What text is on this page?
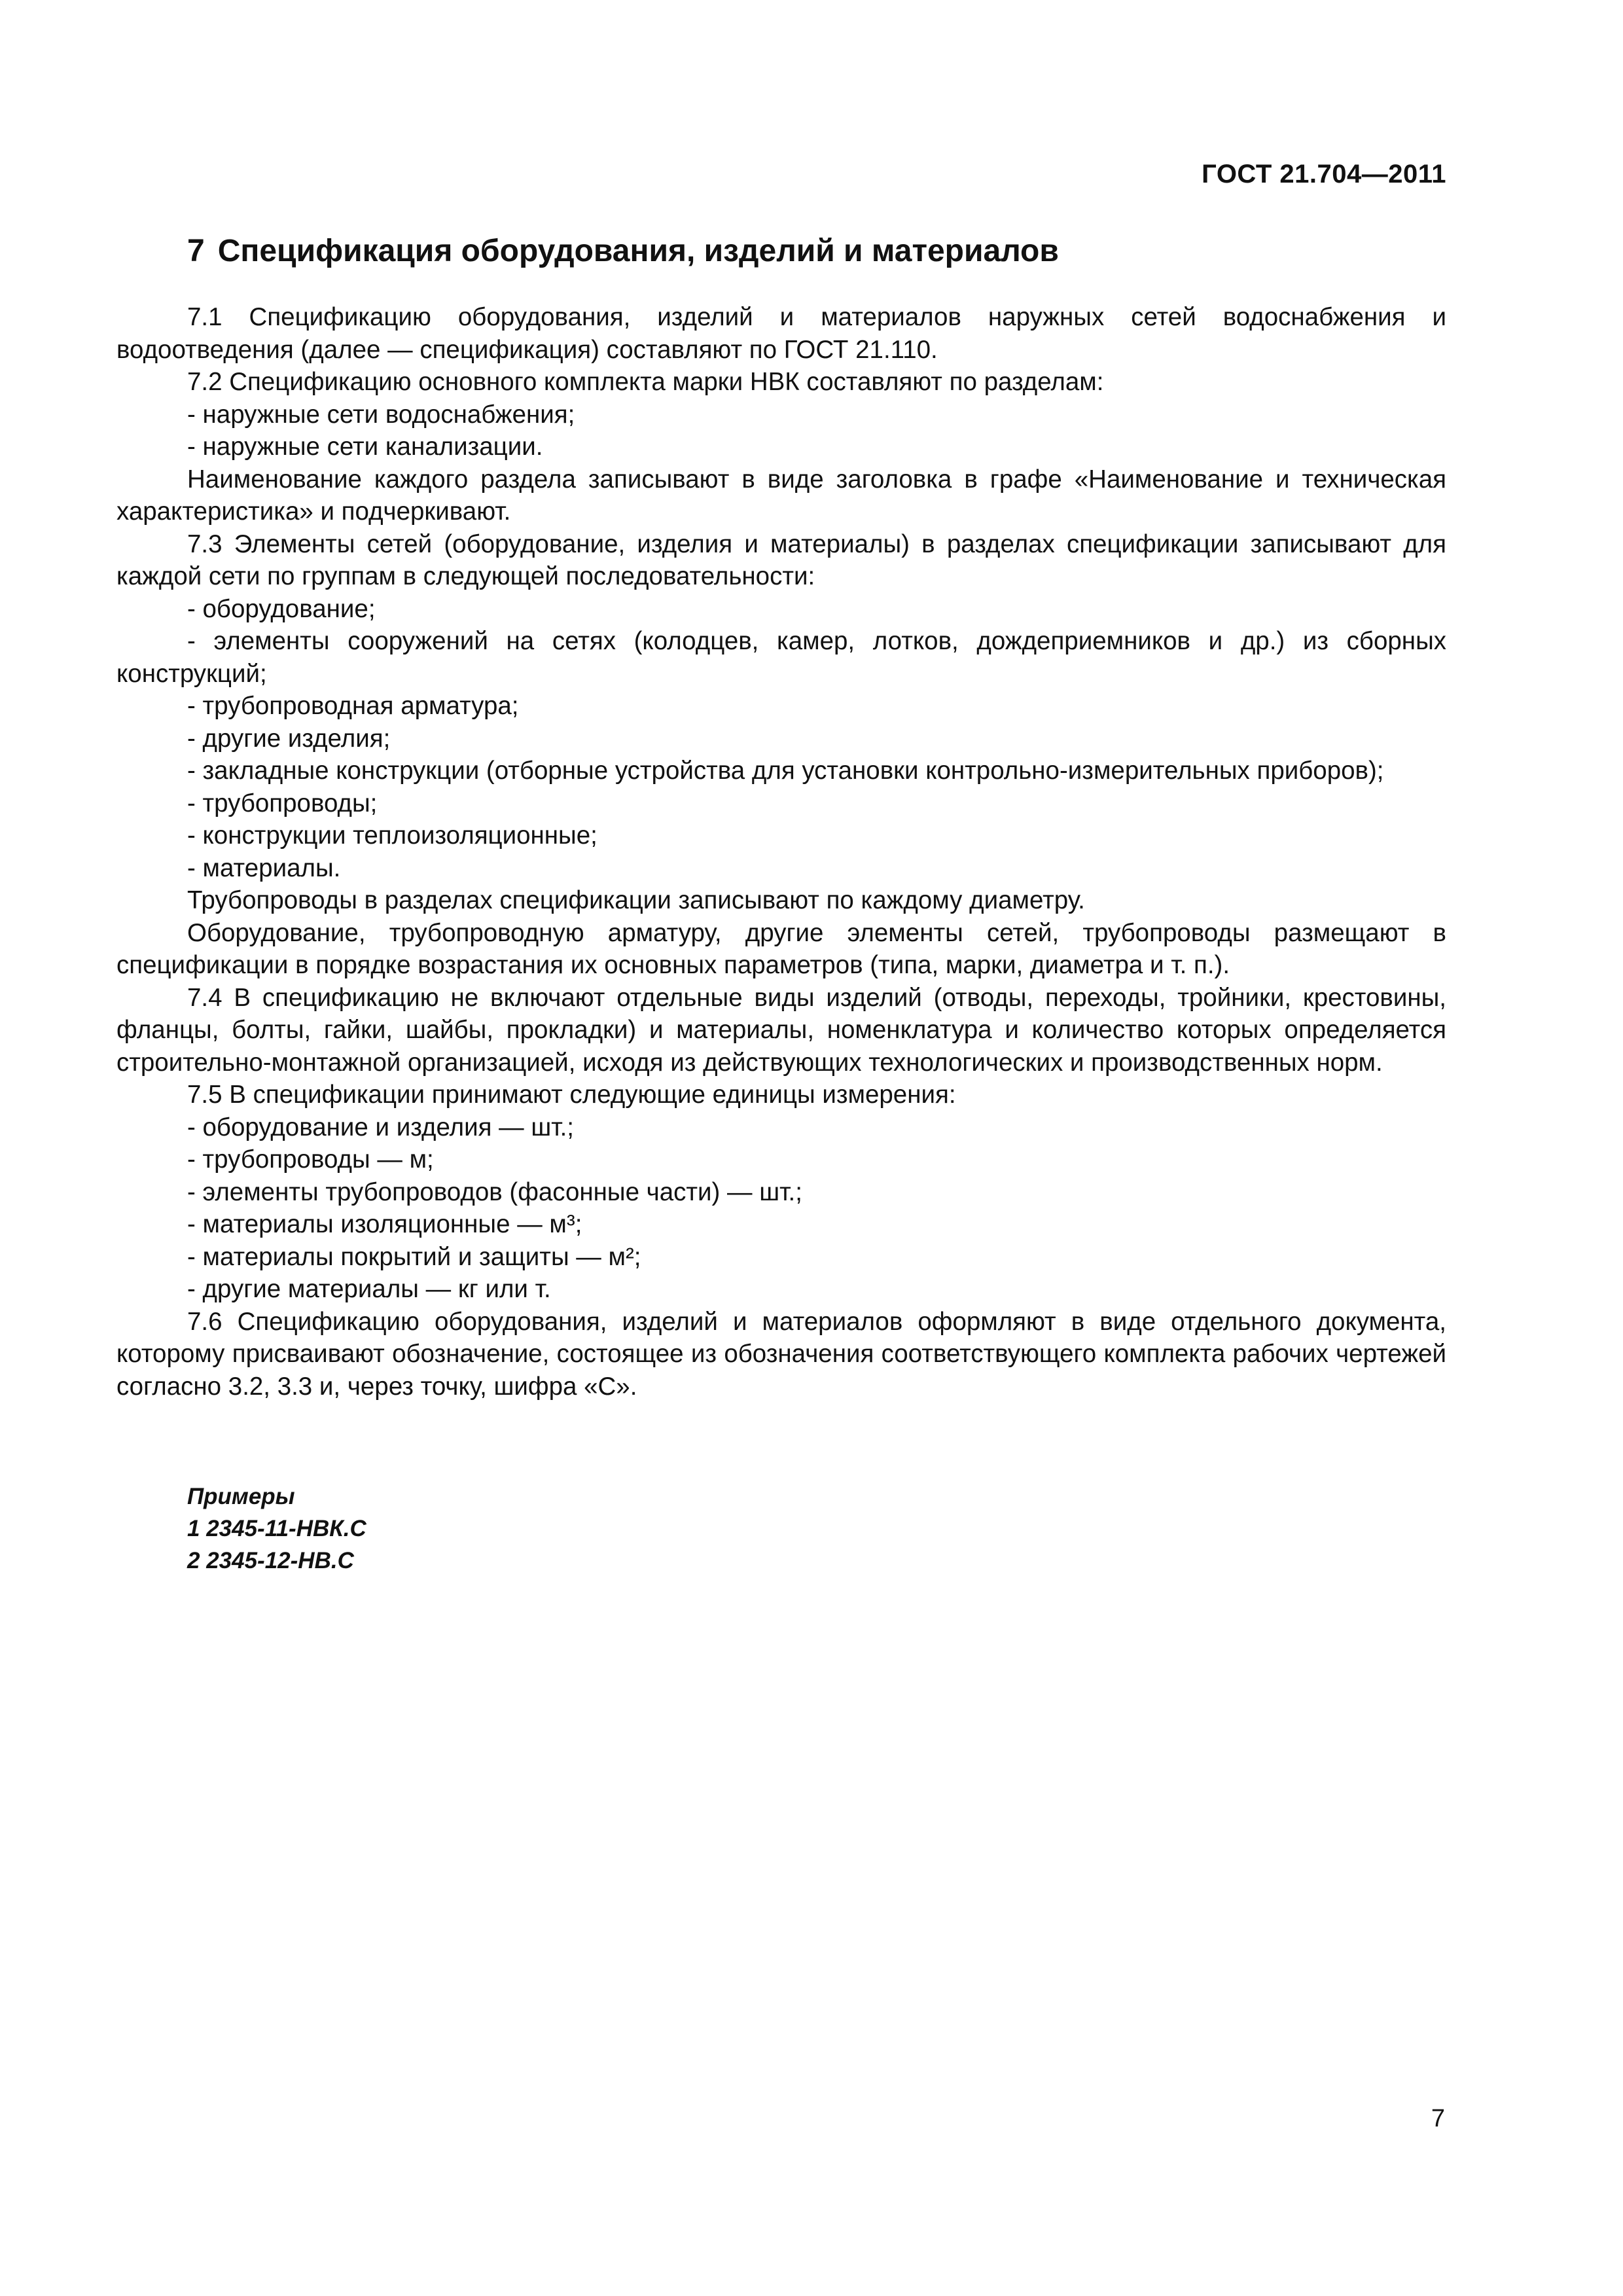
ГОСТ 21.704—2011
7 Спецификация оборудования, изделий и материалов

7.1 Спецификацию оборудования, изделий и материалов наружных сетей водоснабжения и водоотведения (далее — спецификация) составляют по ГОСТ 21.110.

7.2 Спецификацию основного комплекта марки НВК составляют по разделам:

- наружные сети водоснабжения;

- наружные сети канализации.

Наименование каждого раздела записывают в виде заголовка в графе «Наименование и техническая характеристика» и подчеркивают.

7.3 Элементы сетей (оборудование, изделия и материалы) в разделах спецификации записывают для каждой сети по группам в следующей последовательности:

- оборудование;

- элементы сооружений на сетях (колодцев, камер, лотков, дождеприемников и др.) из сборных конструкций;

- трубопроводная арматура;

- другие изделия;

- закладные конструкции (отборные устройства для установки контрольно-измерительных приборов);

- трубопроводы;

- конструкции теплоизоляционные;

- материалы.

Трубопроводы в разделах спецификации записывают по каждому диаметру.

Оборудование, трубопроводную арматуру, другие элементы сетей, трубопроводы размещают в спецификации в порядке возрастания их основных параметров (типа, марки, диаметра и т. п.).

7.4 В спецификацию не включают отдельные виды изделий (отводы, переходы, тройники, крестовины, фланцы, болты, гайки, шайбы, прокладки) и материалы, номенклатура и количество которых определяется строительно-монтажной организацией, исходя из действующих технологических и производственных норм.

7.5 В спецификации принимают следующие единицы измерения:

- оборудование и изделия — шт.;

- трубопроводы — м;

- элементы трубопроводов (фасонные части) — шт.;

- материалы изоляционные — м³;

- материалы покрытий и защиты — м²;

- другие материалы — кг или т.

7.6 Спецификацию оборудования, изделий и материалов оформляют в виде отдельного документа, которому присваивают обозначение, состоящее из обозначения соответствующего комплекта рабочих чертежей согласно 3.2, 3.3 и, через точку, шифра «С».

Примеры
1 2345-11-НВК.С
2 2345-12-НВ.С
7
